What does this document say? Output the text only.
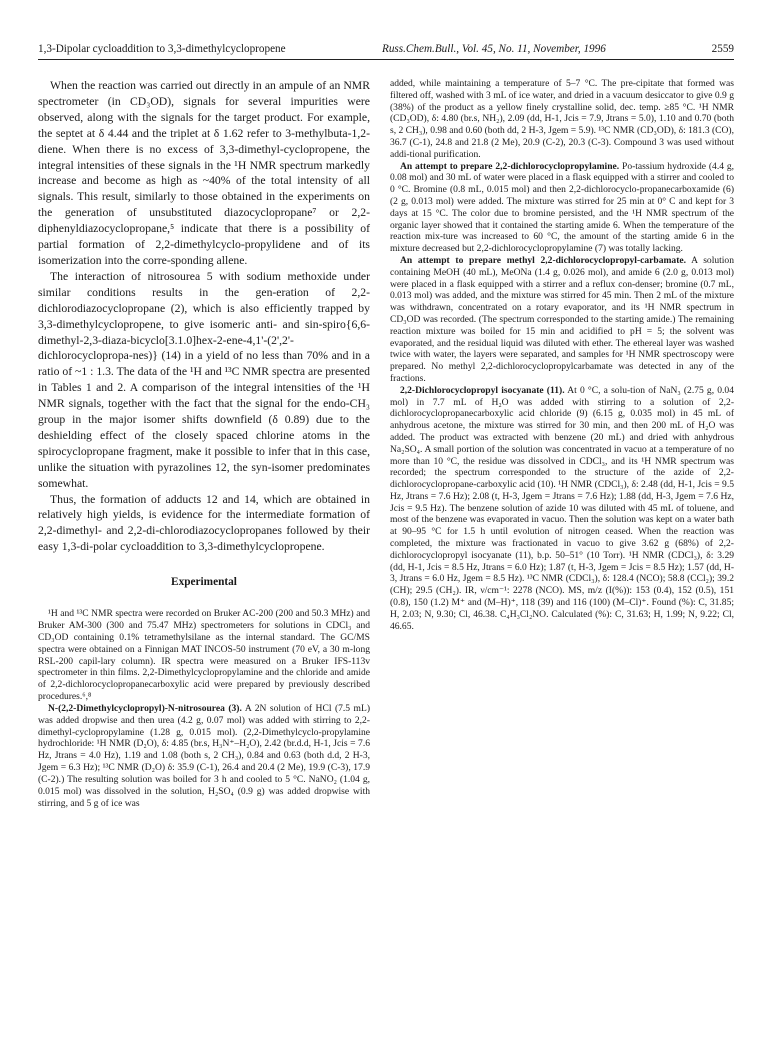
1,3-Dipolar cycloaddition to 3,3-dimethylcyclopropene	Russ.Chem.Bull., Vol. 45, No. 11, November, 1996	2559

When the reaction was carried out directly in an ampule of an NMR spectrometer (in CD₃OD), signals for several impurities were observed, along with the signals for the target product. For example, the septet at δ 4.44 and the triplet at δ 1.62 refer to 3-methylbuta-1,2-diene. When there is no excess of 3,3-dimethyl-cyclopropene, the integral intensities of these signals in the ¹H NMR spectrum markedly increase and become as high as ~40% of the total intensity of all signals. This result, similarly to those obtained in the experiments on the generation of unsubstituted diazocyclopropane⁷ or 2,2-diphenyldiazocyclopropane,⁵ indicate that there is a possibility of partial formation of 2,2-dimethylcyclo-propylidene and of its isomerization into the corre-sponding allene.

The interaction of nitrosourea 5 with sodium methoxide under similar conditions results in the gen-eration of 2,2-dichlorodiazocyclopropane (2), which is also efficiently trapped by 3,3-dimethylcyclopropene, to give isomeric anti- and sin-spiro{6,6-dimethyl-2,3-diaza-bicyclo[3.1.0]hex-2-ene-4,1'-(2',2'-dichlorocyclopropa-nes)} (14) in a yield of no less than 70% and in a ratio of ~1 : 1.3. The data of the ¹H and ¹³C NMR spectra are presented in Tables 1 and 2. A comparison of the integral intensities of the ¹H NMR signals, together with the fact that the signal for the endo-CH₃ group in the major isomer shifts downfield (δ 0.89) due to the deshielding effect of the closely spaced chlorine atoms in the spirocyclopropane fragment, make it possible to infer that in this case, unlike the situation with pyrazolines 12, the syn-isomer predominates somewhat.

Thus, the formation of adducts 12 and 14, which are obtained in relatively high yields, is evidence for the intermediate formation of 2,2-dimethyl- and 2,2-di-chlorodiazocyclopropanes followed by their easy 1,3-di-polar cycloaddition to 3,3-dimethylcyclopropene.

Experimental

¹H and ¹³C NMR spectra were recorded on Bruker AC-200 (200 and 50.3 MHz) and Bruker AM-300 (300 and 75.47 MHz) spectrometers for solutions in CDCl₃ and CD₃OD containing 0.1% tetramethylsilane as the internal standard. The GC/MS spectra were obtained on a Finnigan MAT INCOS-50 instrument (70 eV, a 30 m-long RSL-200 capil-lary column). IR spectra were measured on a Bruker IFS-113v spectrometer in thin films. 2,2-Dimethylcyclopropylamine and the chloride and amide of 2,2-dichlorocyclopropanecarboxylic acid were prepared by previously described procedures.⁶,⁸

N-(2,2-Dimethylcyclopropyl)-N-nitrosourea (3). A 2N solution of HCl (7.5 mL) was added dropwise and then urea (4.2 g, 0.07 mol) was added with stirring to 2,2-dimethyl-cyclopropylamine (1.28 g, 0.015 mol). (2,2-Dimethylcyclo-propylamine hydrochloride: ¹H NMR (D₂O), δ: 4.85 (br.s, H₃N⁺–H₂O), 2.42 (br.d.d, H-1, Jcis = 7.6 Hz, Jtrans = 4.0 Hz), 1.19 and 1.08 (both s, 2 CH₃), 0.84 and 0.63 (both d.d, 2 H-3, Jgem = 6.3 Hz); ¹³C NMR (D₂O) δ: 35.9 (C-1), 26.4 and 20.4 (2 Me), 19.9 (C-3), 17.9 (C-2).) The resulting solution was boiled for 3 h and cooled to 5 °C. NaNO₂ (1.04 g, 0.015 mol) was dissolved in the solution, H₂SO₄ (0.9 g) was added dropwise with stirring, and 5 g of ice was

added, while maintaining a temperature of 5–7 °C. The pre-cipitate that formed was filtered off, washed with 3 mL of ice water, and dried in a vacuum desiccator to give 0.9 g (38%) of the product as a yellow finely crystalline solid, dec. temp. ≥85 °C. ¹H NMR (CD₃OD), δ: 4.80 (br.s, NH₂), 2.09 (dd, H-1, Jcis = 7.9, Jtrans = 5.0), 1.10 and 0.70 (both s, 2 CH₃), 0.98 and 0.60 (both dd, 2 H-3, Jgem = 5.9). ¹³C NMR (CD₃OD), δ: 181.3 (CO), 36.7 (C-1), 24.8 and 21.8 (2 Me), 20.9 (C-2), 20.3 (C-3). Compound 3 was used without addi-tional purification.

An attempt to prepare 2,2-dichlorocyclopropylamine. Po-tassium hydroxide (4.4 g, 0.08 mol) and 30 mL of water were placed in a flask equipped with a stirrer and cooled to 0 °C. Bromine (0.8 mL, 0.015 mol) and then 2,2-dichlorocyclo-propanecarboxamide (6) (2 g, 0.013 mol) were added. The mixture was stirred for 25 min at 0° C and kept for 3 days at 15 °C. The color due to bromine persisted, and the ¹H NMR spectrum of the organic layer showed that it contained the starting amide 6. When the temperature of the reaction mix-ture was increased to 60 °C, the amount of the starting amide 6 in the mixture decreased but 2,2-dichlorocyclopropylamine (7) was totally lacking.

An attempt to prepare methyl 2,2-dichlorocyclopropyl-carbamate. A solution containing MeOH (40 mL), MeONa (1.4 g, 0.026 mol), and amide 6 (2.0 g, 0.013 mol) were placed in a flask equipped with a stirrer and a reflux con-denser; bromine (0.7 mL, 0.013 mol) was added, and the mixture was stirred for 45 min. Then 2 mL of the mixture was withdrawn, concentrated on a rotary evaporator, and its ¹H NMR spectrum in CD₃OD was recorded. (The spectrum corresponded to the starting amide.) The remaining reaction mixture was boiled for 15 min and acidified to pH = 5; the solvent was evaporated, and the residual liquid was diluted with ether. The ethereal layer was washed twice with water, the layers were separated, and samples for ¹H NMR spectroscopy were prepared. No methyl 2,2-dichlorocyclopropylcarbamate was detected in any of the fractions.

2,2-Dichlorocyclopropyl isocyanate (11). At 0 °C, a solu-tion of NaN₃ (2.75 g, 0.04 mol) in 7.7 mL of H₂O was added with stirring to a solution of 2,2-dichlorocyclopropanecarboxylic acid chloride (9) (6.15 g, 0.035 mol) in 45 mL of anhydrous acetone, the mixture was stirred for 30 min, and then 200 mL of H₂O was added. The product was extracted with benzene (20 mL) and dried with anhydrous Na₂SO₄. A small portion of the solution was concentrated in vacuo at a temperature of no more than 10 °C, the residue was dissolved in CDCl₃, and its ¹H NMR spectrum was recorded; the spectrum corresponded to the structure of the azide of 2,2-dichlorocyclopropane-carboxylic acid (10). ¹H NMR (CDCl₃), δ: 2.48 (dd, H-1, Jcis = 9.5 Hz, Jtrans = 7.6 Hz); 2.08 (t, H-3, Jgem = Jtrans = 7.6 Hz); 1.88 (dd, H-3, Jgem = 7.6 Hz, Jcis = 9.5 Hz). The benzene solution of azide 10 was diluted with 45 mL of toluene, and most of the benzene was evaporated in vacuo. Then the solution was kept on a water bath at 90–95 °C for 1.5 h until evolution of nitrogen ceased. When the reaction was completed, the mixture was fractionated in vacuo to give 3.62 g (68%) of 2,2-dichlorocyclopropyl isocyanate (11), b.p. 50–51° (10 Torr). ¹H NMR (CDCl₃), δ: 3.29 (dd, H-1, Jcis = 8.5 Hz, Jtrans = 6.0 Hz); 1.87 (t, H-3, Jgem = Jcis = 8.5 Hz); 1.57 (dd, H-3, Jtrans = 6.0 Hz, Jgem = 8.5 Hz). ¹³C NMR (CDCl₃), δ: 128.4 (NCO); 58.8 (CCl₂); 39.2 (CH); 29.5 (CH₂). IR, ν/cm⁻¹: 2278 (NCO). MS, m/z (I(%)): 153 (0.4), 152 (0.5), 151 (0.8), 150 (1.2) M⁺ and (M–H)⁺, 118 (39) and 116 (100) (M–Cl)⁺. Found (%): C, 31.85; H, 2.03; N, 9.30; Cl, 46.38. C₄H₃Cl₂NO. Calculated (%): C, 31.63; H, 1.99; N, 9.22; Cl, 46.65.
